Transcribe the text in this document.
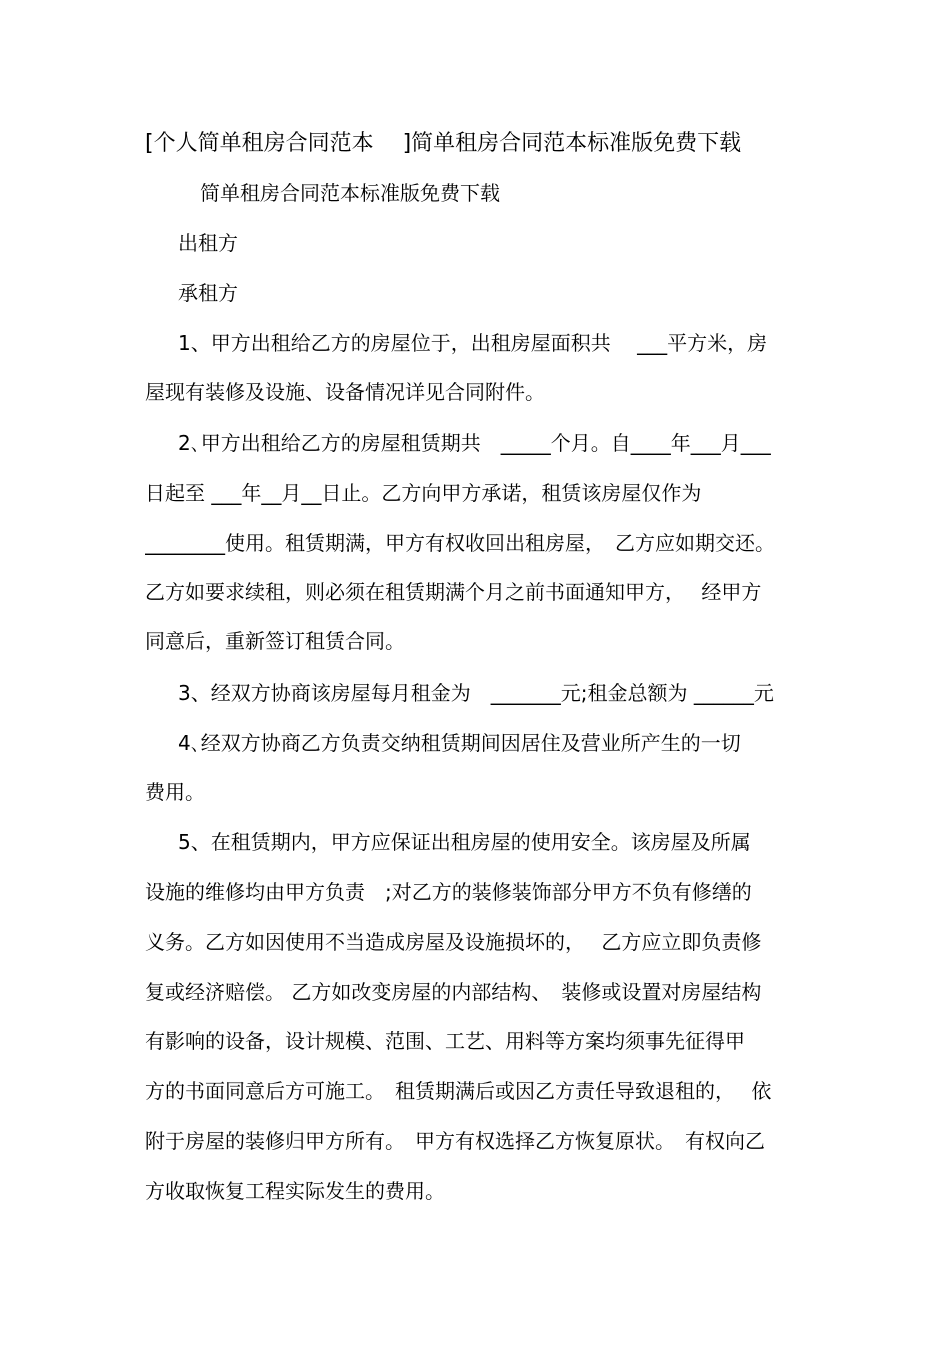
[个人简单租房合同范本　 ]简单租房合同范本标准版免费下载
简单租房合同范本标准版免费下载
出租方
承租方
1、甲方出租给乙方的房屋位于，出租房屋面积共　 ___平方米，房
屋现有装修及设施、设备情况详见合同附件。
2､甲方出租给乙方的房屋租赁期共　_____个月。自____年___月___
日起至 ___年__月__日止。乙方向甲方承诺，租赁该房屋仅作为
________使用。租赁期满，甲方有权收回出租房屋，　乙方应如期交还。
乙方如要求续租，则必须在租赁期满个月之前书面通知甲方，　 经甲方
同意后，重新签订租赁合同。
3、经双方协商该房屋每月租金为　_______元;租金总额为 ______元
4､经双方协商乙方负责交纳租赁期间因居住及营业所产生的一切
费用。
5、在租赁期内，甲方应保证出租房屋的使用安全。该房屋及所属
设施的维修均由甲方负责　;对乙方的装修装饰部分甲方不负有修缮的
义务。乙方如因使用不当造成房屋及设施损坏的，　 乙方应立即负责修
复或经济赔偿。 乙方如改变房屋的内部结构、　装修或设置对房屋结构
有影响的设备，设计规模、范围、工艺、用料等方案均须事先征得甲
方的书面同意后方可施工。　租赁期满后或因乙方责任导致退租的，　 依
附于房屋的装修归甲方所有。　甲方有权选择乙方恢复原状。　有权向乙
方收取恢复工程实际发生的费用。
